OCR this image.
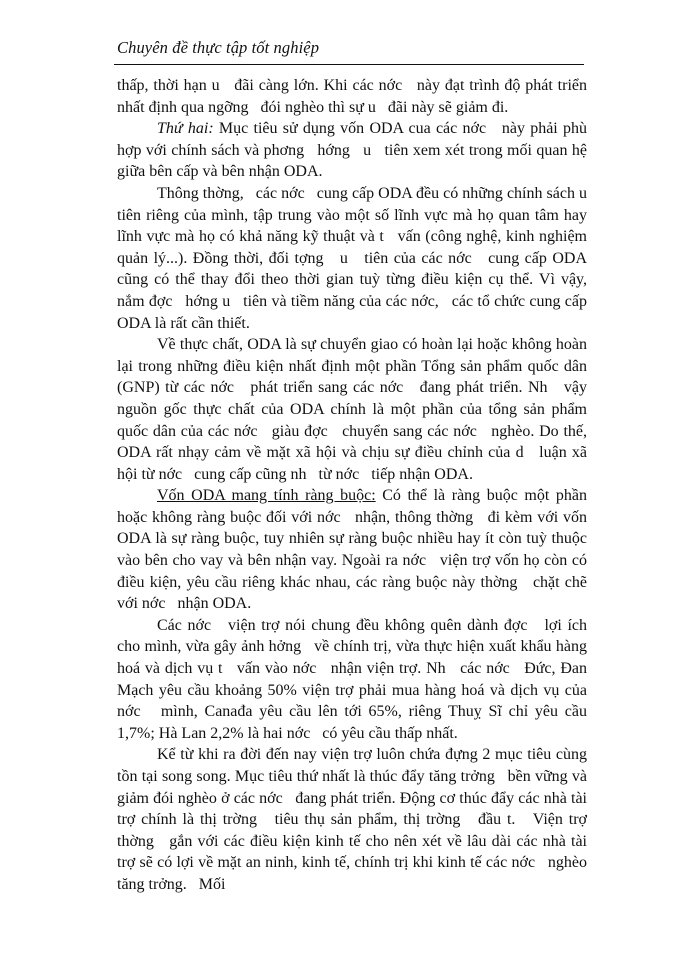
Chuyên đề thực tập tốt nghiệp

thấp, thời hạn u   đãi càng lớn. Khi các nớc   này đạt trình độ phát triển nhất định qua ngỡng   đói nghèo thì sự u   đãi này sẽ giảm đi.

Thứ hai: Mục tiêu sử dụng vốn ODA cua các nớc   này phải phù hợp với chính sách và phơng   hớng   u   tiên xem xét trong mối quan hệ giữa bên cấp và bên nhận ODA.

Thông thờng,   các nớc   cung cấp ODA đều có những chính sách u tiên riêng của mình, tập trung vào một số lĩnh vực mà họ quan tâm hay lĩnh vực mà họ có khả năng kỹ thuật và t   vấn (công nghệ, kinh nghiệm quản lý...). Đồng thời, đối tợng   u   tiên của các nớc   cung cấp ODA cũng có thể thay đổi theo thời gian tuỳ từng điều kiện cụ thể. Vì vậy, nắm đợc   hớng u   tiên và tiềm năng của các nớc,   các tổ chức cung cấp ODA là rất cần thiết.

Về thực chất, ODA là sự chuyển giao có hoàn lại hoặc không hoàn lại trong những điều kiện nhất định một phần Tổng sản phẩm quốc dân (GNP) từ các nớc   phát triển sang các nớc   đang phát triển. Nh   vậy nguồn gốc thực chất của ODA chính là một phần của tổng sản phẩm quốc dân của các nớc   giàu đợc   chuyển sang các nớc   nghèo. Do thế, ODA rất nhạy cảm về mặt xã hội và chịu sự điều chỉnh của d   luận xã hội từ nớc   cung cấp cũng nh   từ nớc   tiếp nhận ODA.

Vốn ODA mang tính ràng buộc: Có thể là ràng buộc một phần hoặc không ràng buộc đối với nớc   nhận, thông thờng   đi kèm với vốn ODA là sự ràng buộc, tuy nhiên sự ràng buộc nhiều hay ít còn tuỳ thuộc vào bên cho vay và bên nhận vay. Ngoài ra nớc   viện trợ vốn họ còn có điều kiện, yêu cầu riêng khác nhau, các ràng buộc này thờng   chặt chẽ với nớc   nhận ODA.

Các nớc   viện trợ nói chung đều không quên dành đợc   lợi ích cho mình, vừa gây ảnh hởng   về chính trị, vừa thực hiện xuất khẩu hàng hoá và dịch vụ t   vấn vào nớc   nhận viện trợ. Nh   các nớc   Đức, Đan Mạch yêu cầu khoảng 50% viện trợ phải mua hàng hoá và dịch vụ của nớc   mình, Canađa yêu cầu lên tới 65%, riêng Thuỵ Sĩ chỉ yêu cầu 1,7%; Hà Lan 2,2% là hai nớc   có yêu cầu thấp nhất.

Kể từ khi ra đời đến nay viện trợ luôn chứa đựng 2 mục tiêu cùng tồn tại song song. Mục tiêu thứ nhất là thúc đẩy tăng trởng   bền vững và giảm đói nghèo ở các nớc   đang phát triển. Động cơ thúc đẩy các nhà tài trợ chính là thị trờng   tiêu thụ sản phẩm, thị trờng   đầu t.   Viện trợ thờng   gắn với các điều kiện kinh tế cho nên xét về lâu dài các nhà tài trợ sẽ có lợi về mặt an ninh, kinh tế, chính trị khi kinh tế các nớc   nghèo tăng trởng.   Mối
